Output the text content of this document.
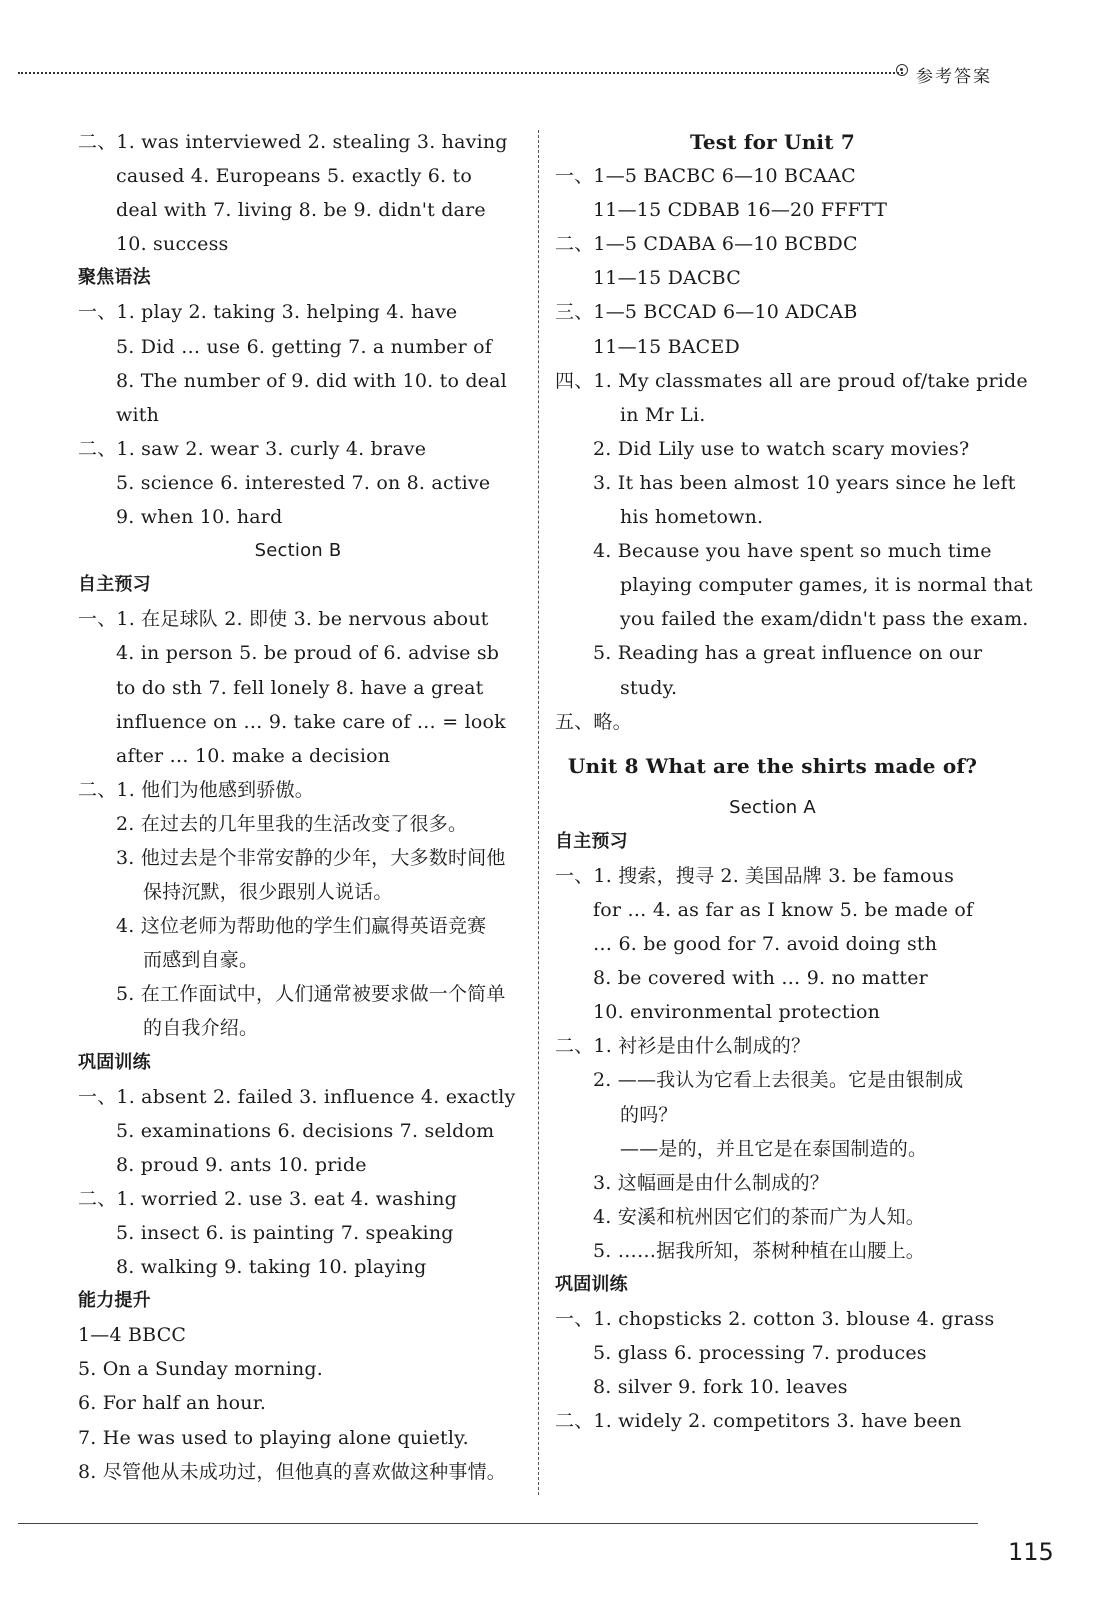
参考答案
二、1. was interviewed 2. stealing 3. having
caused 4. Europeans 5. exactly 6. to
deal with 7. living 8. be 9. didn't dare
10. success
聚焦语法
一、1. play 2. taking 3. helping 4. have
5. Did … use 6. getting 7. a number of
8. The number of 9. did with 10. to deal
with
二、1. saw 2. wear 3. curly 4. brave
5. science 6. interested 7. on 8. active
9. when 10. hard
Section B
自主预习
一、1. 在足球队 2. 即使 3. be nervous about
4. in person 5. be proud of 6. advise sb
to do sth 7. fell lonely 8. have a great
influence on … 9. take care of … = look
after … 10. make a decision
二、1. 他们为他感到骄傲。
2. 在过去的几年里我的生活改变了很多。
3. 他过去是个非常安静的少年，大多数时间他
保持沉默，很少跟别人说话。
4. 这位老师为帮助他的学生们赢得英语竞赛
而感到自豪。
5. 在工作面试中，人们通常被要求做一个简单
的自我介绍。
巩固训练
一、1. absent 2. failed 3. influence 4. exactly
5. examinations 6. decisions 7. seldom
8. proud 9. ants 10. pride
二、1. worried 2. use 3. eat 4. washing
5. insect 6. is painting 7. speaking
8. walking 9. taking 10. playing
能力提升
1—4 BBCC
5. On a Sunday morning.
6. For half an hour.
7. He was used to playing alone quietly.
8. 尽管他从未成功过，但他真的喜欢做这种事情。
Test for Unit 7
一、1—5 BACBC 6—10 BCAAC
11—15 CDBAB 16—20 FFFTT
二、1—5 CDABA 6—10 BCBDC
11—15 DACBC
三、1—5 BCCAD 6—10 ADCAB
11—15 BACED
四、1. My classmates all are proud of/take pride
in Mr Li.
2. Did Lily use to watch scary movies?
3. It has been almost 10 years since he left
his hometown.
4. Because you have spent so much time
playing computer games, it is normal that
you failed the exam/didn't pass the exam.
5. Reading has a great influence on our
study.
五、略。
Unit 8 What are the shirts made of?
Section A
自主预习
一、1. 搜索，搜寻 2. 美国品牌 3. be famous
for … 4. as far as I know 5. be made of
… 6. be good for 7. avoid doing sth
8. be covered with … 9. no matter
10. environmental protection
二、1. 衬衫是由什么制成的？
2. ——我认为它看上去很美。它是由银制成
的吗？
——是的，并且它是在泰国制造的。
3. 这幅画是由什么制成的？
4. 安溪和杭州因它们的茶而广为人知。
5. ……据我所知，茶树种植在山腰上。
巩固训练
一、1. chopsticks 2. cotton 3. blouse 4. grass
5. glass 6. processing 7. produces
8. silver 9. fork 10. leaves
二、1. widely 2. competitors 3. have been
115
